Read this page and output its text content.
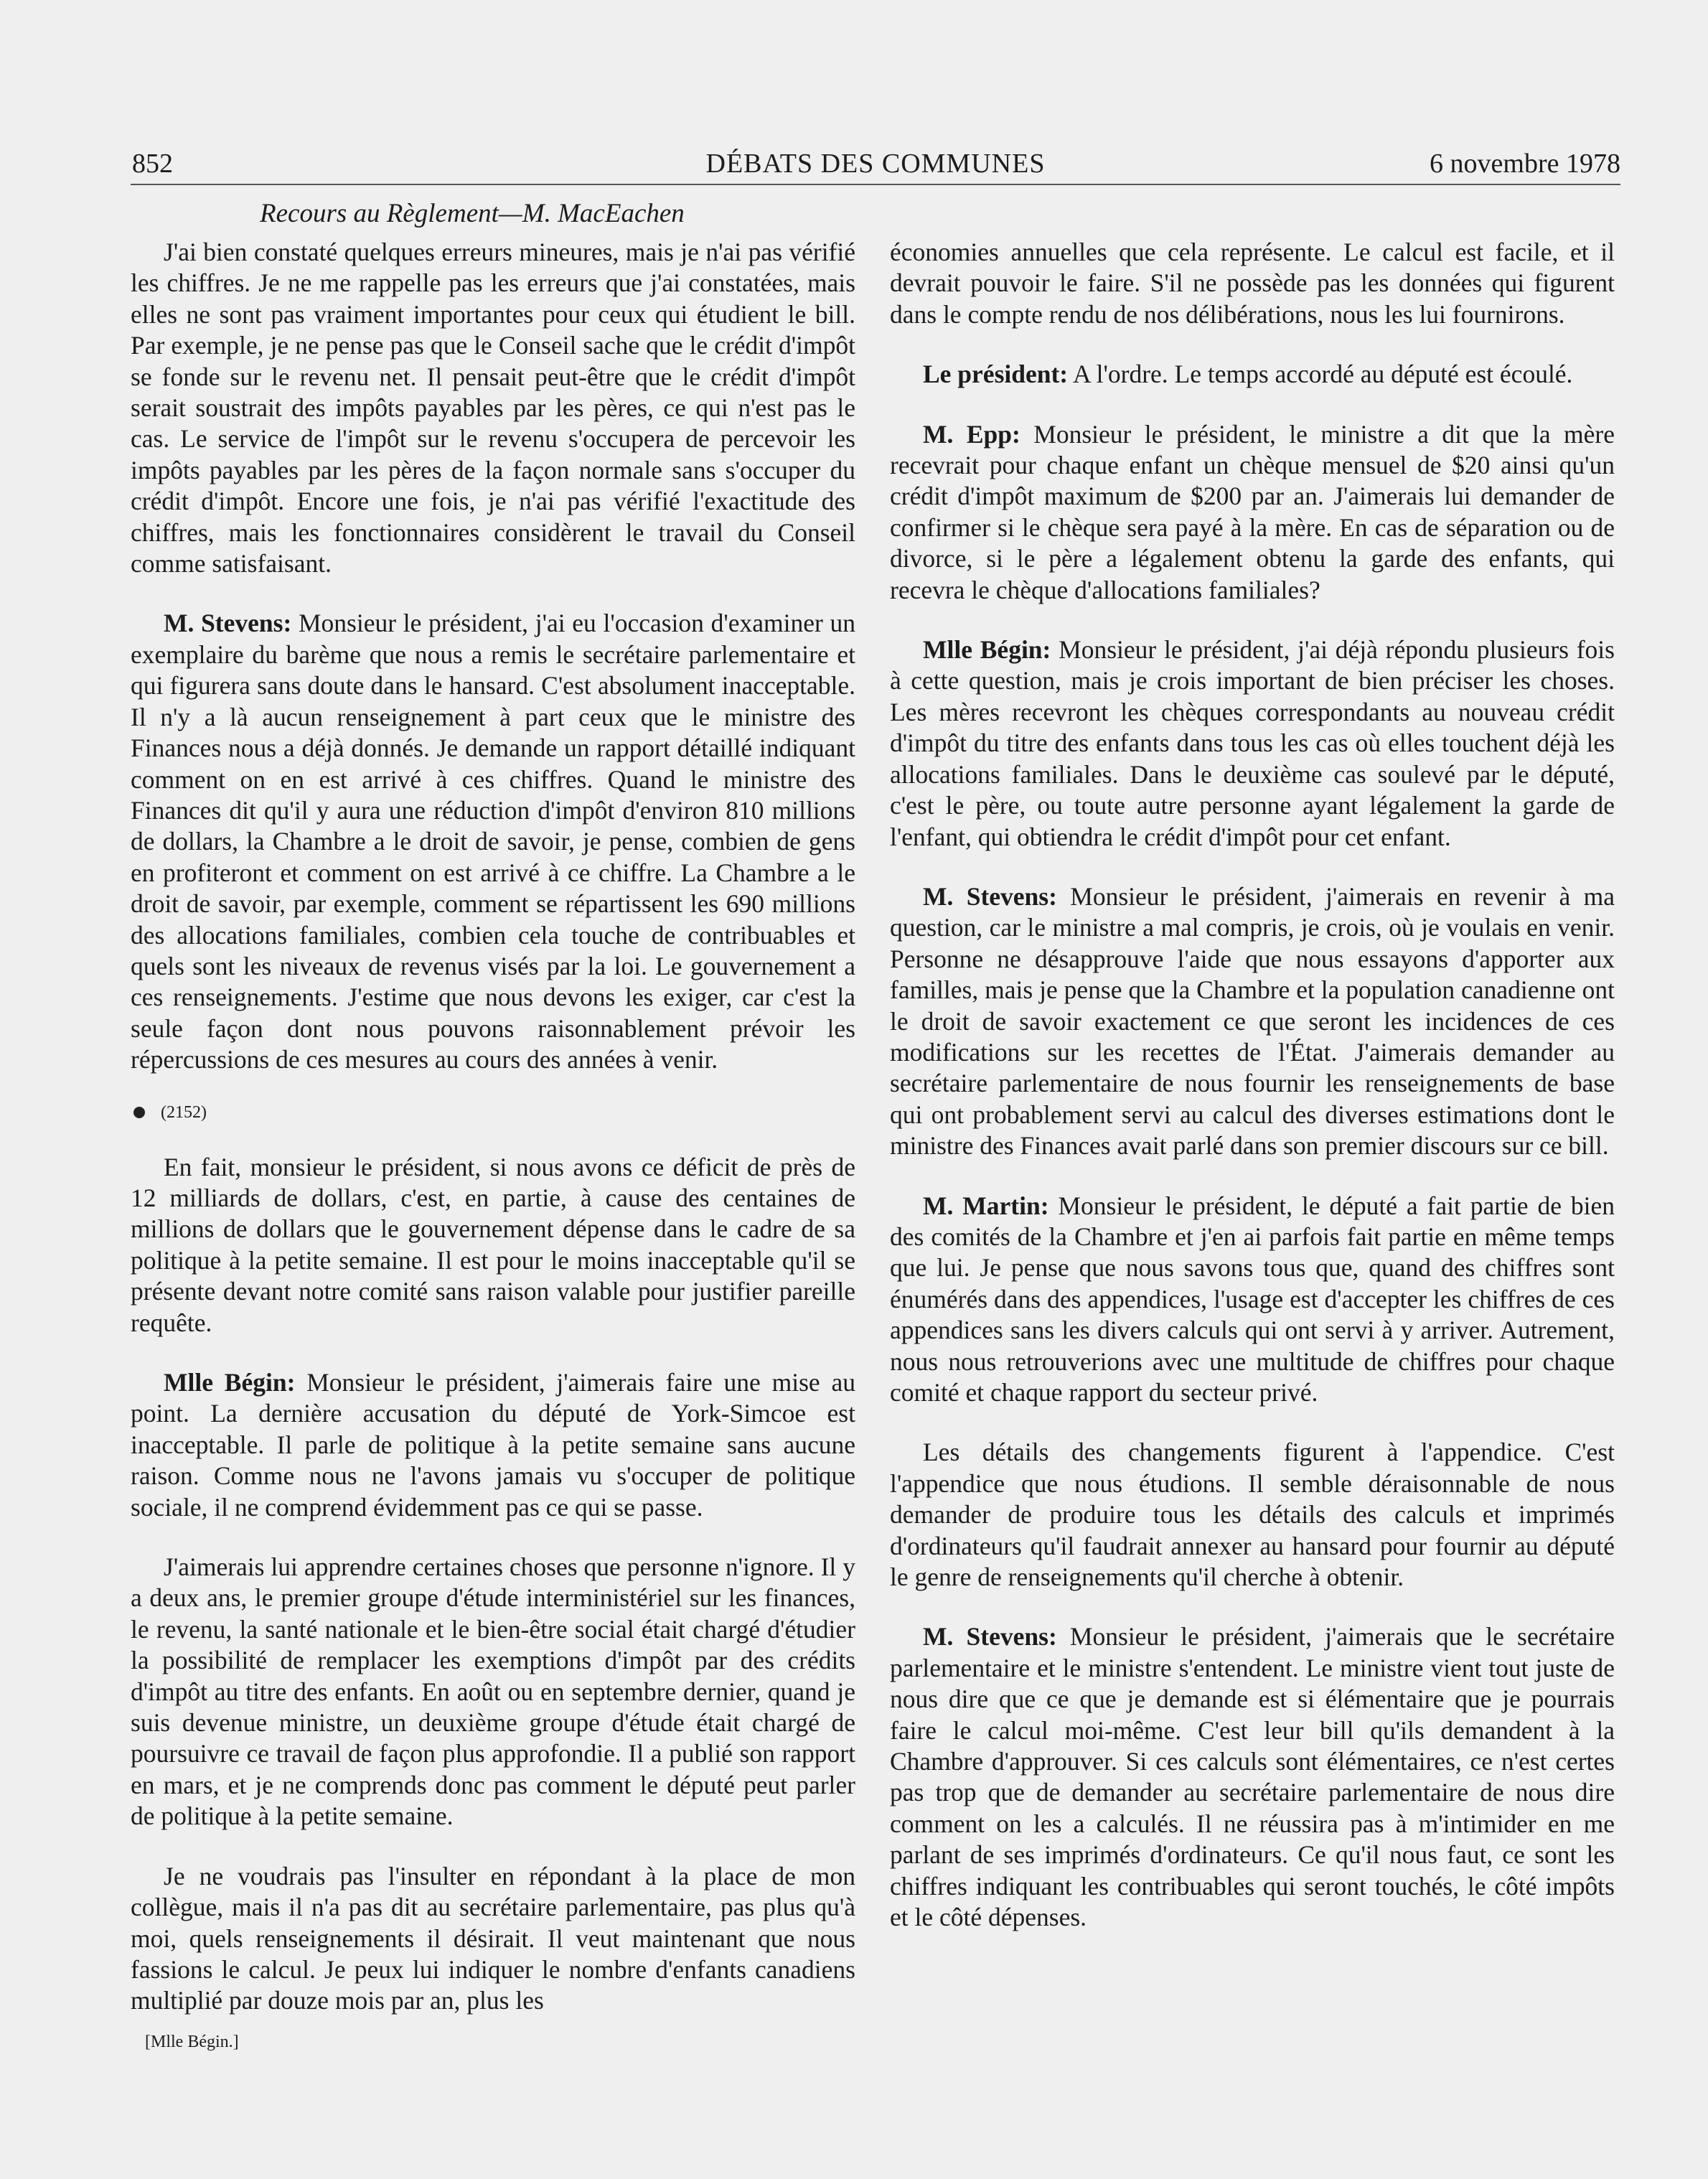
852	DÉBATS DES COMMUNES	6 novembre 1978
Recours au Règlement—M. MacEachen

J'ai bien constaté quelques erreurs mineures, mais je n'ai pas vérifié les chiffres. Je ne me rappelle pas les erreurs que j'ai constatées, mais elles ne sont pas vraiment importantes pour ceux qui étudient le bill. Par exemple, je ne pense pas que le Conseil sache que le crédit d'impôt se fonde sur le revenu net. Il pensait peut-être que le crédit d'impôt serait soustrait des impôts payables par les pères, ce qui n'est pas le cas. Le service de l'impôt sur le revenu s'occupera de percevoir les impôts payables par les pères de la façon normale sans s'occuper du crédit d'impôt. Encore une fois, je n'ai pas vérifié l'exactitude des chiffres, mais les fonctionnaires considèrent le travail du Conseil comme satisfaisant.

M. Stevens: Monsieur le président, j'ai eu l'occasion d'examiner un exemplaire du barème que nous a remis le secrétaire parlementaire et qui figurera sans doute dans le hansard. C'est absolument inacceptable. Il n'y a là aucun renseignement à part ceux que le ministre des Finances nous a déjà donnés. Je demande un rapport détaillé indiquant comment on en est arrivé à ces chiffres. Quand le ministre des Finances dit qu'il y aura une réduction d'impôt d'environ 810 millions de dollars, la Chambre a le droit de savoir, je pense, combien de gens en profiteront et comment on est arrivé à ce chiffre. La Chambre a le droit de savoir, par exemple, comment se répartissent les 690 millions des allocations familiales, combien cela touche de contribuables et quels sont les niveaux de revenus visés par la loi. Le gouvernement a ces renseignements. J'estime que nous devons les exiger, car c'est la seule façon dont nous pouvons raisonnablement prévoir les répercussions de ces mesures au cours des années à venir.

(2152)

En fait, monsieur le président, si nous avons ce déficit de près de 12 milliards de dollars, c'est, en partie, à cause des centaines de millions de dollars que le gouvernement dépense dans le cadre de sa politique à la petite semaine. Il est pour le moins inacceptable qu'il se présente devant notre comité sans raison valable pour justifier pareille requête.

Mlle Bégin: Monsieur le président, j'aimerais faire une mise au point. La dernière accusation du député de York-Simcoe est inacceptable. Il parle de politique à la petite semaine sans aucune raison. Comme nous ne l'avons jamais vu s'occuper de politique sociale, il ne comprend évidemment pas ce qui se passe.

J'aimerais lui apprendre certaines choses que personne n'ignore. Il y a deux ans, le premier groupe d'étude interministériel sur les finances, le revenu, la santé nationale et le bien-être social était chargé d'étudier la possibilité de remplacer les exemptions d'impôt par des crédits d'impôt au titre des enfants. En août ou en septembre dernier, quand je suis devenue ministre, un deuxième groupe d'étude était chargé de poursuivre ce travail de façon plus approfondie. Il a publié son rapport en mars, et je ne comprends donc pas comment le député peut parler de politique à la petite semaine.

Je ne voudrais pas l'insulter en répondant à la place de mon collègue, mais il n'a pas dit au secrétaire parlementaire, pas plus qu'à moi, quels renseignements il désirait. Il veut maintenant que nous fassions le calcul. Je peux lui indiquer le nombre d'enfants canadiens multiplié par douze mois par an, plus les

[Mlle Bégin.]

économies annuelles que cela représente. Le calcul est facile, et il devrait pouvoir le faire. S'il ne possède pas les données qui figurent dans le compte rendu de nos délibérations, nous les lui fournirons.

Le président: A l'ordre. Le temps accordé au député est écoulé.

M. Epp: Monsieur le président, le ministre a dit que la mère recevrait pour chaque enfant un chèque mensuel de $20 ainsi qu'un crédit d'impôt maximum de $200 par an. J'aimerais lui demander de confirmer si le chèque sera payé à la mère. En cas de séparation ou de divorce, si le père a légalement obtenu la garde des enfants, qui recevra le chèque d'allocations familiales?

Mlle Bégin: Monsieur le président, j'ai déjà répondu plusieurs fois à cette question, mais je crois important de bien préciser les choses. Les mères recevront les chèques correspondants au nouveau crédit d'impôt du titre des enfants dans tous les cas où elles touchent déjà les allocations familiales. Dans le deuxième cas soulevé par le député, c'est le père, ou toute autre personne ayant légalement la garde de l'enfant, qui obtiendra le crédit d'impôt pour cet enfant.

M. Stevens: Monsieur le président, j'aimerais en revenir à ma question, car le ministre a mal compris, je crois, où je voulais en venir. Personne ne désapprouve l'aide que nous essayons d'apporter aux familles, mais je pense que la Chambre et la population canadienne ont le droit de savoir exactement ce que seront les incidences de ces modifications sur les recettes de l'État. J'aimerais demander au secrétaire parlementaire de nous fournir les renseignements de base qui ont probablement servi au calcul des diverses estimations dont le ministre des Finances avait parlé dans son premier discours sur ce bill.

M. Martin: Monsieur le président, le député a fait partie de bien des comités de la Chambre et j'en ai parfois fait partie en même temps que lui. Je pense que nous savons tous que, quand des chiffres sont énumérés dans des appendices, l'usage est d'accepter les chiffres de ces appendices sans les divers calculs qui ont servi à y arriver. Autrement, nous nous retrouverions avec une multitude de chiffres pour chaque comité et chaque rapport du secteur privé.

Les détails des changements figurent à l'appendice. C'est l'appendice que nous étudions. Il semble déraisonnable de nous demander de produire tous les détails des calculs et imprimés d'ordinateurs qu'il faudrait annexer au hansard pour fournir au député le genre de renseignements qu'il cherche à obtenir.

M. Stevens: Monsieur le président, j'aimerais que le secrétaire parlementaire et le ministre s'entendent. Le ministre vient tout juste de nous dire que ce que je demande est si élémentaire que je pourrais faire le calcul moi-même. C'est leur bill qu'ils demandent à la Chambre d'approuver. Si ces calculs sont élémentaires, ce n'est certes pas trop que de demander au secrétaire parlementaire de nous dire comment on les a calculés. Il ne réussira pas à m'intimider en me parlant de ses imprimés d'ordinateurs. Ce qu'il nous faut, ce sont les chiffres indiquant les contribuables qui seront touchés, le côté impôts et le côté dépenses.
